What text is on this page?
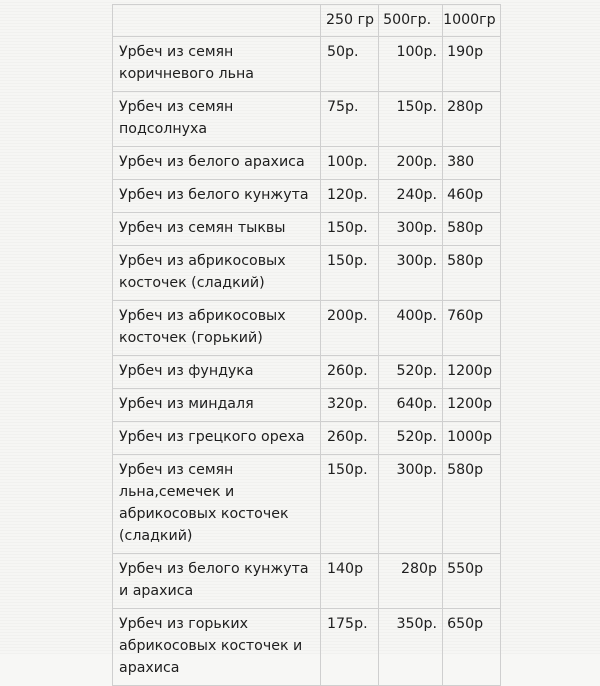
	250 гр	500гр.	1000гр
Урбеч из семян коричневого льна	50р.	100р.	190р
Урбеч из семян подсолнуха	75р.	150р.	280р
Урбеч из белого арахиса	100р.	200р.	380
Урбеч из белого кунжута	120р.	240р.	460р
Урбеч из семян тыквы	150р.	300р.	580р
Урбеч из абрикосовых косточек (сладкий)	150р.	300р.	580р
Урбеч из абрикосовых косточек (горький)	200р.	400р.	760р
Урбеч из фундука	260р.	520р.	1200р
Урбеч из миндаля	320р.	640р.	1200р
Урбеч из грецкого ореха	260р.	520р.	1000р
Урбеч из семян льна,семечек и абрикосовых косточек (сладкий)	150р.	300р.	580р
Урбеч из белого кунжута и арахиса	140р	280р	550р
Урбеч из горьких абрикосовых косточек и арахиса	175р.	350р.	650р
